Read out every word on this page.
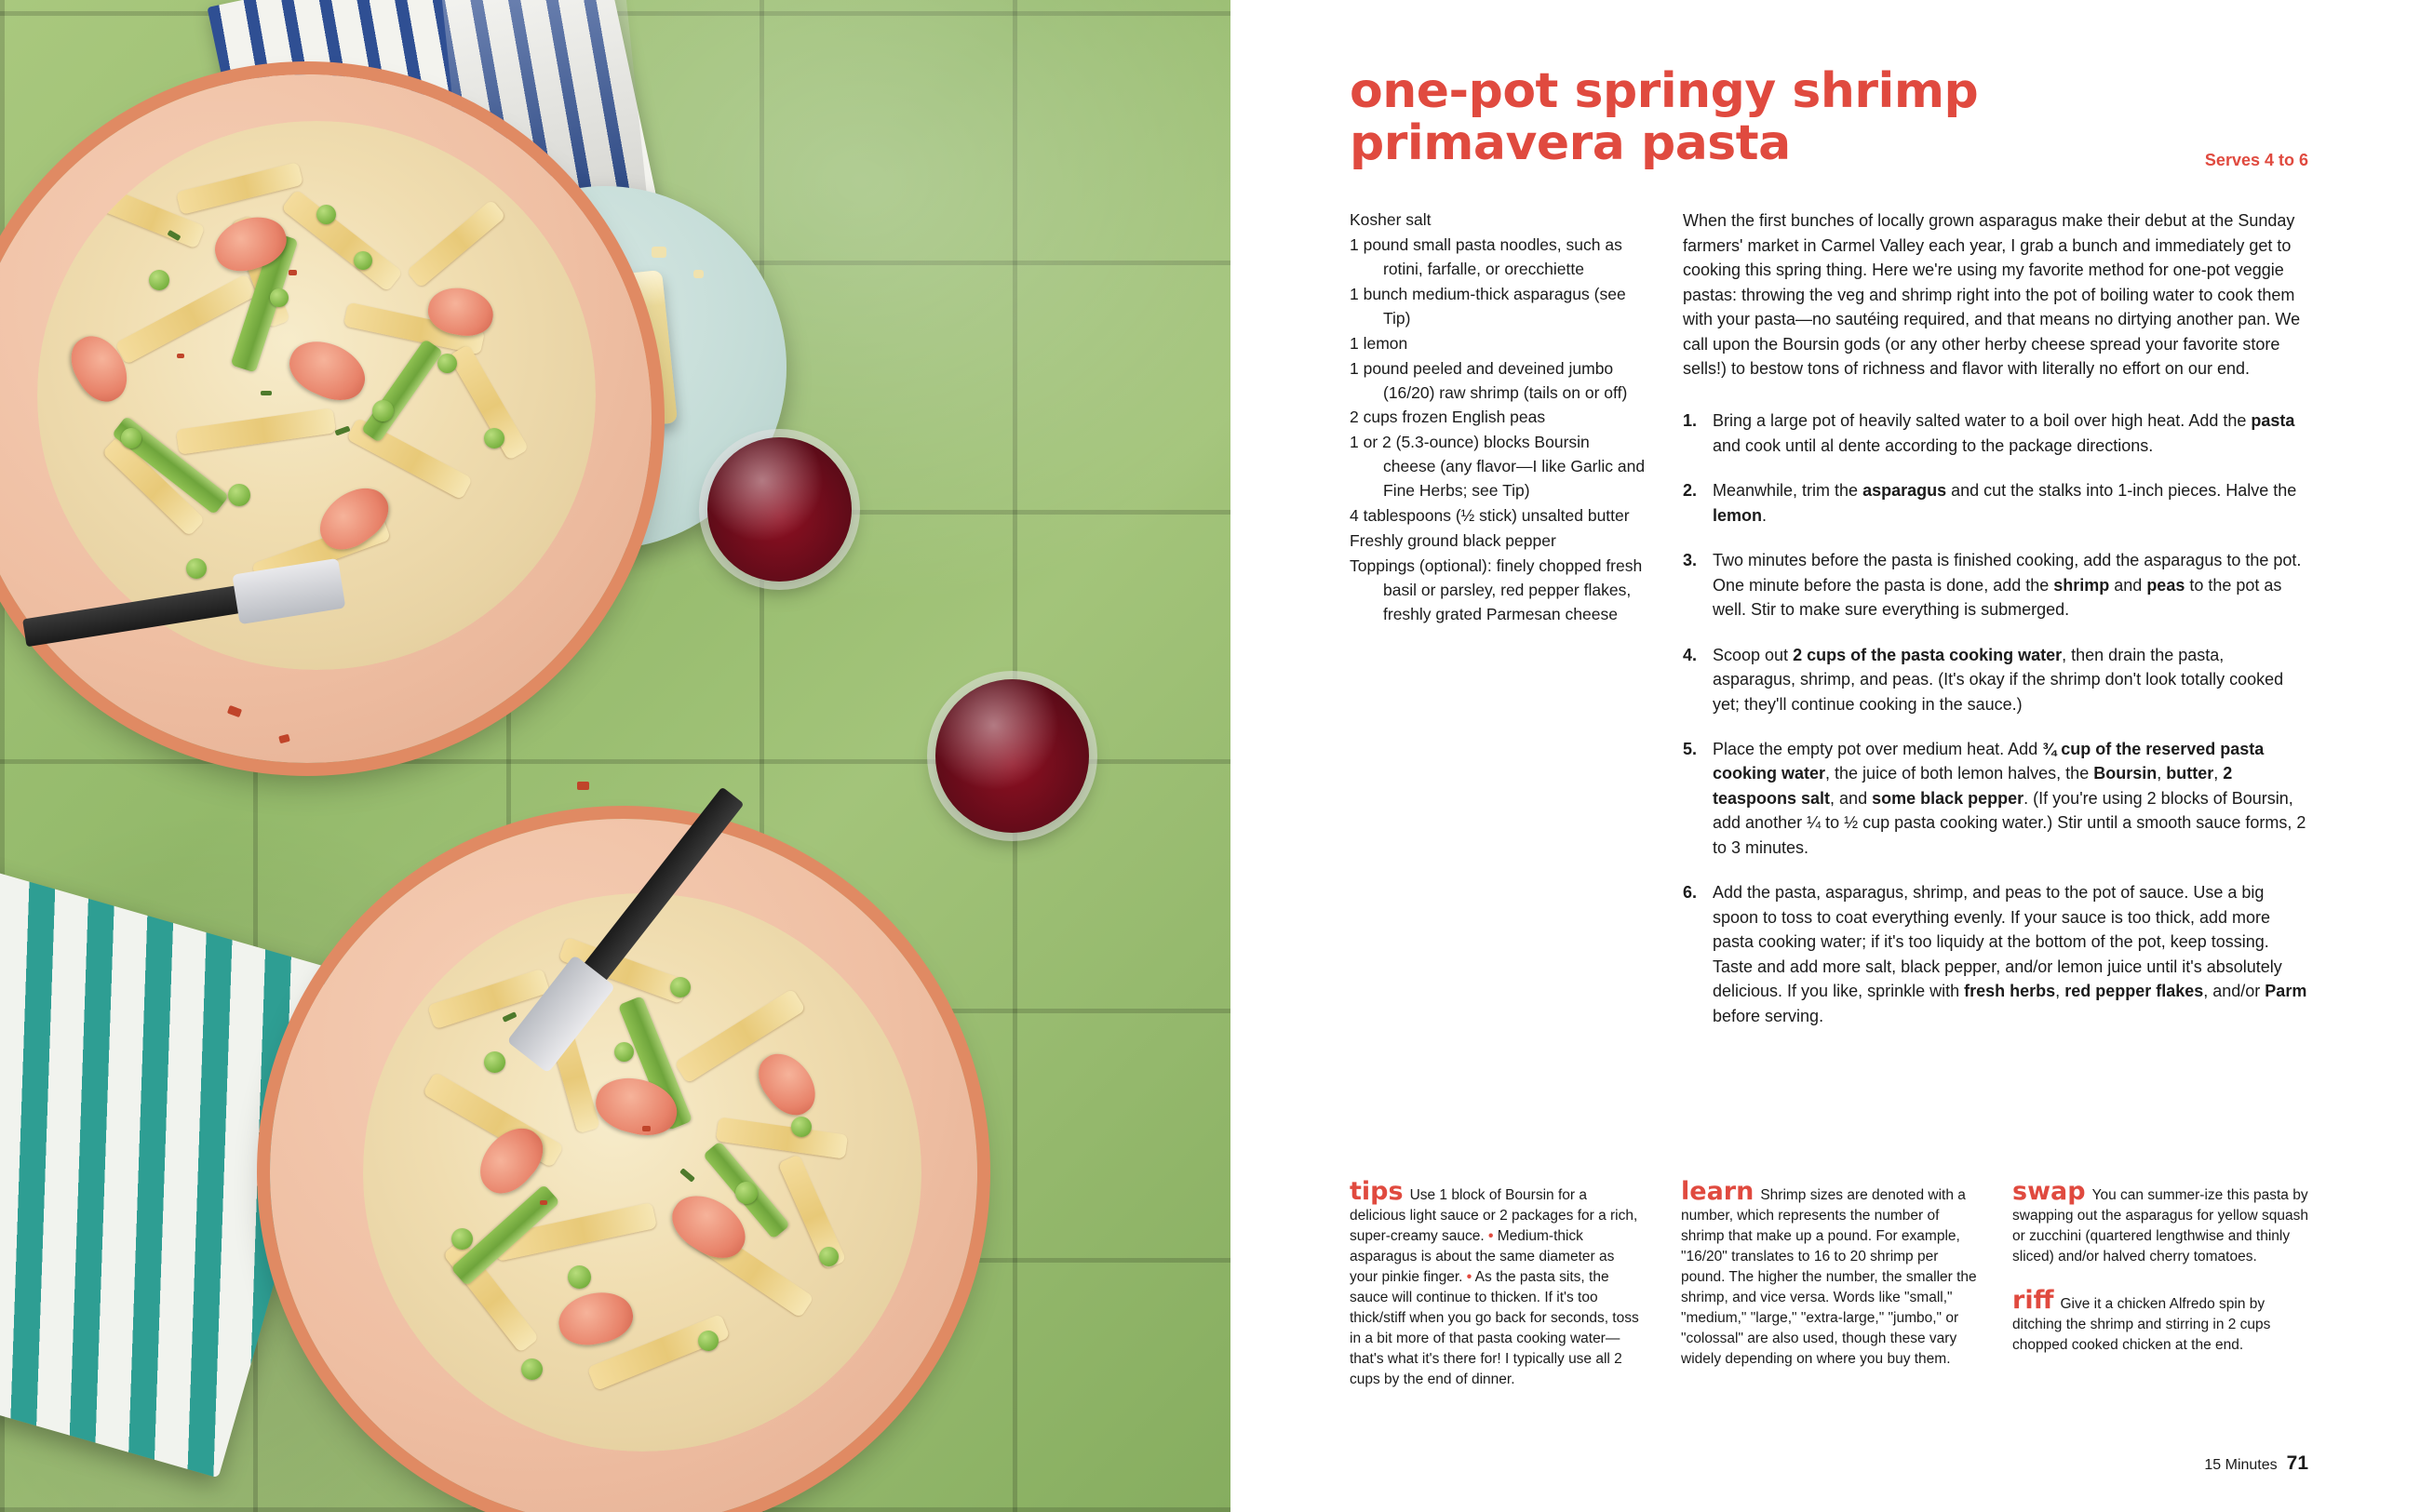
one-pot springy shrimp primavera pasta	Serves 4 to 6
Kosher salt
1 pound small pasta noodles, such as rotini, farfalle, or orecchiette
1 bunch medium-thick asparagus (see Tip)
1 lemon
1 pound peeled and deveined jumbo (16/20) raw shrimp (tails on or off)
2 cups frozen English peas
1 or 2 (5.3-ounce) blocks Boursin cheese (any flavor—I like Garlic and Fine Herbs; see Tip)
4 tablespoons (½ stick) unsalted butter
Freshly ground black pepper
Toppings (optional): finely chopped fresh basil or parsley, red pepper flakes, freshly grated Parmesan cheese

When the first bunches of locally grown asparagus make their debut at the Sunday farmers' market in Carmel Valley each year, I grab a bunch and immediately get to cooking this spring thing. Here we're using my favorite method for one-pot veggie pastas: throwing the veg and shrimp right into the pot of boiling water to cook them with your pasta—no sautéing required, and that means no dirtying another pan. We call upon the Boursin gods (or any other herby cheese spread your favorite store sells!) to bestow tons of richness and flavor with literally no effort on our end.

1. Bring a large pot of heavily salted water to a boil over high heat. Add the pasta and cook until al dente according to the package directions.
2. Meanwhile, trim the asparagus and cut the stalks into 1-inch pieces. Halve the lemon.
3. Two minutes before the pasta is finished cooking, add the asparagus to the pot. One minute before the pasta is done, add the shrimp and peas to the pot as well. Stir to make sure everything is submerged.
4. Scoop out 2 cups of the pasta cooking water, then drain the pasta, asparagus, shrimp, and peas. (It's okay if the shrimp don't look totally cooked yet; they'll continue cooking in the sauce.)
5. Place the empty pot over medium heat. Add ¾ cup of the reserved pasta cooking water, the juice of both lemon halves, the Boursin, butter, 2 teaspoons salt, and some black pepper. (If you're using 2 blocks of Boursin, add another ¼ to ½ cup pasta cooking water.) Stir until a smooth sauce forms, 2 to 3 minutes.
6. Add the pasta, asparagus, shrimp, and peas to the pot of sauce. Use a big spoon to toss to coat everything evenly. If your sauce is too thick, add more pasta cooking water; if it's too liquidy at the bottom of the pot, keep tossing. Taste and add more salt, black pepper, and/or lemon juice until it's absolutely delicious. If you like, sprinkle with fresh herbs, red pepper flakes, and/or Parm before serving.
tips Use 1 block of Boursin for a delicious light sauce or 2 packages for a rich, super-creamy sauce. • Medium-thick asparagus is about the same diameter as your pinkie finger. • As the pasta sits, the sauce will continue to thicken. If it's too thick/stiff when you go back for seconds, toss in a bit more of that pasta cooking water—that's what it's there for! I typically use all 2 cups by the end of dinner.
learn Shrimp sizes are denoted with a number, which represents the number of shrimp that make up a pound. For example, "16/20" translates to 16 to 20 shrimp per pound. The higher the number, the smaller the shrimp, and vice versa. Words like "small," "medium," "large," "extra-large," "jumbo," or "colossal" are also used, though these vary widely depending on where you buy them.
swap You can summer-ize this pasta by swapping out the asparagus for yellow squash or zucchini (quartered lengthwise and thinly sliced) and/or halved cherry tomatoes.
riff Give it a chicken Alfredo spin by ditching the shrimp and stirring in 2 cups chopped cooked chicken at the end.
15 Minutes 71
